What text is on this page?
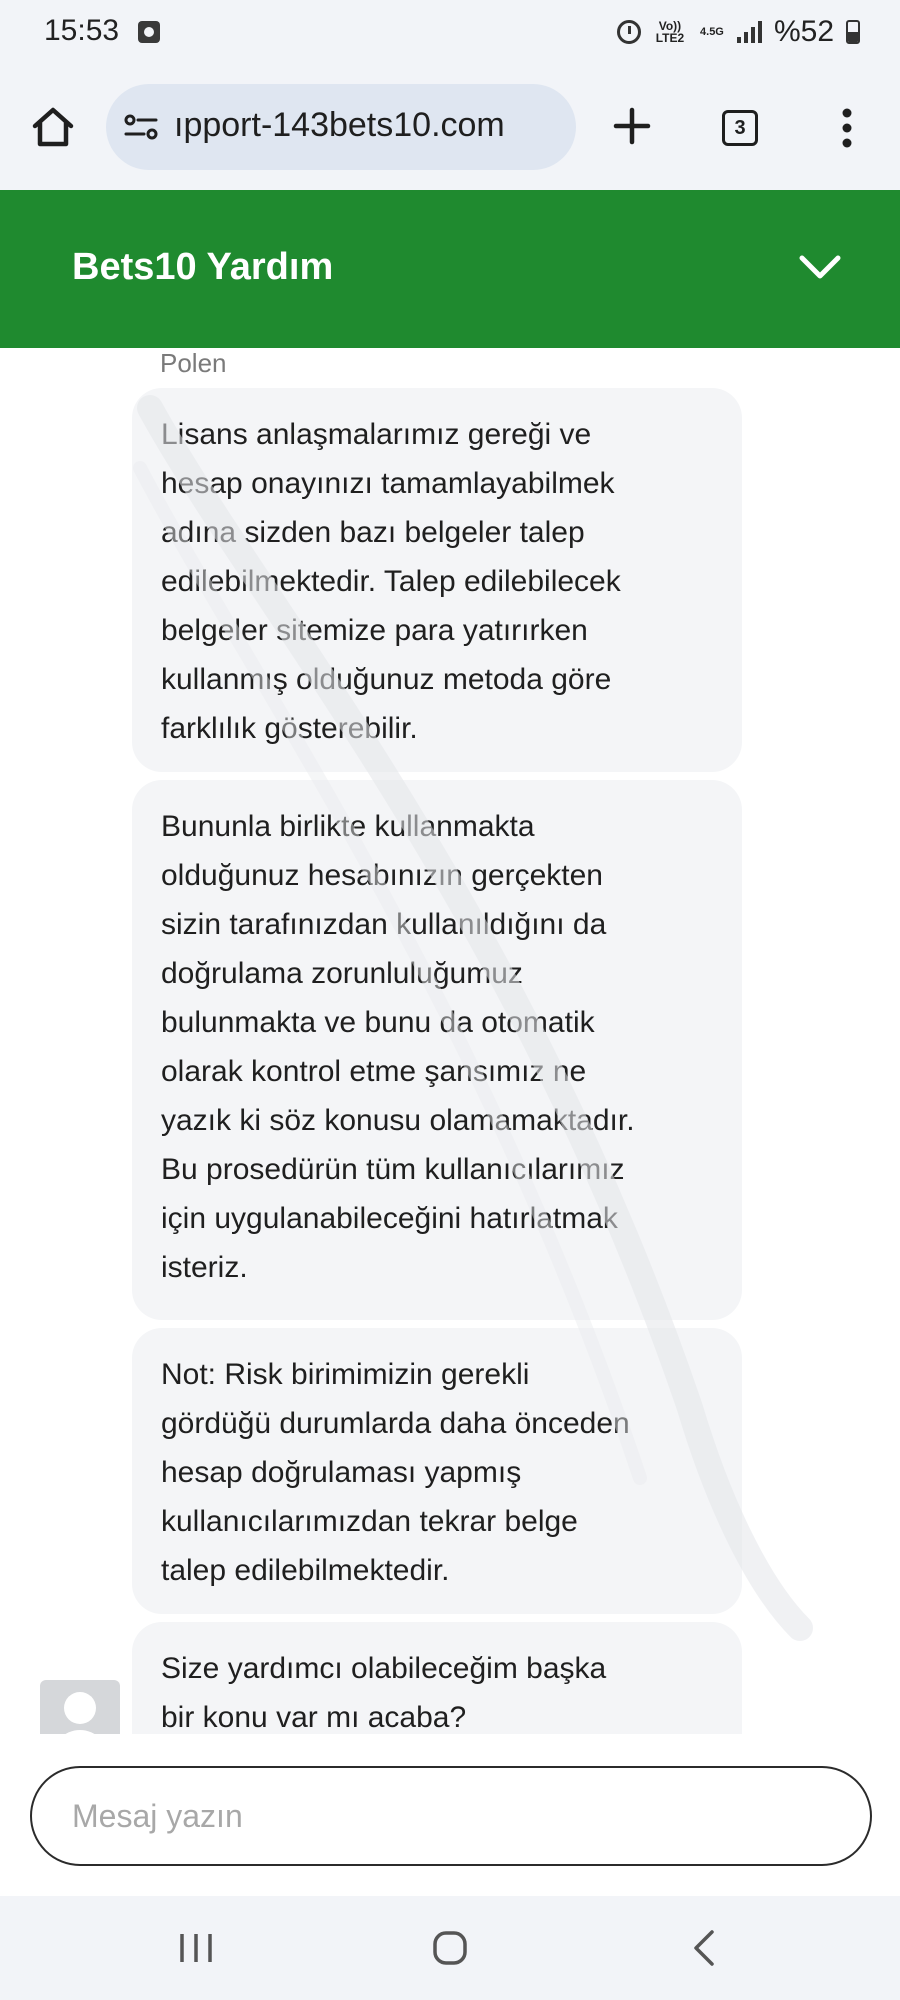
15:53	Vo))
LTE2 4.5G %52
ıpport-143bets10.com	3
Bets10 Yardım
Polen
Lisans anlaşmalarımız gereği ve
hesap onayınızı tamamlayabilmek
adına sizden bazı belgeler talep
edilebilmektedir. Talep edilebilecek
belgeler sitemize para yatırırken
kullanmış olduğunuz metoda göre
farklılık gösterebilir.
Bununla birlikte kullanmakta
olduğunuz hesabınızın gerçekten
sizin tarafınızdan kullanıldığını da
doğrulama zorunluluğumuz
bulunmakta ve bunu da otomatik
olarak kontrol etme şansımız ne
yazık ki söz konusu olamamaktadır.
Bu prosedürün tüm kullanıcılarımız
için uygulanabileceğini hatırlatmak
isteriz.
Not: Risk birimimizin gerekli
gördüğü durumlarda daha önceden
hesap doğrulaması yapmış
kullanıcılarımızdan tekrar belge
talep edilebilmektedir.
Size yardımcı olabileceğim başka
bir konu var mı acaba?
Mesaj yazın
